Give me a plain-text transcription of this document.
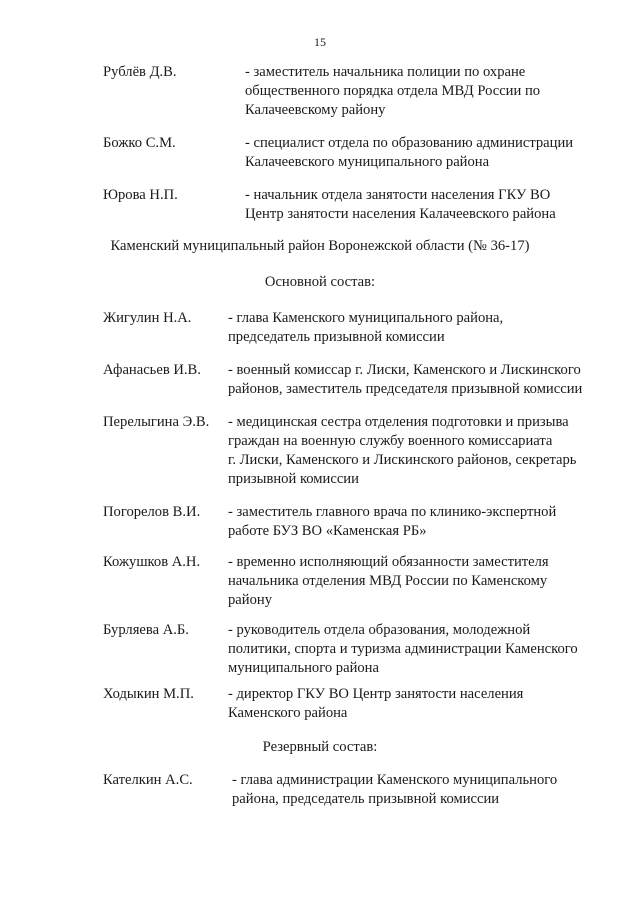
15
Рублёв Д.В.	- заместитель начальника полиции по охране
общественного порядка отдела МВД России по
Калачеевскому району
Божко С.М.	- специалист отдела по образованию администрации
Калачеевского муниципального района
Юрова Н.П.	- начальник отдела занятости населения ГКУ ВО
Центр занятости населения Калачеевского района
Каменский муниципальный район Воронежской области (№ 36-17)
Основной состав:
Жигулин Н.А.	- глава Каменского муниципального района,
председатель призывной комиссии
Афанасьев И.В. - военный комиссар г. Лиски, Каменского и Лискинского
районов, заместитель председателя призывной комиссии
Перелыгина Э.В. - медицинская сестра отделения подготовки и призыва
граждан на военную службу военного комиссариата
г. Лиски, Каменского и Лискинского районов, секретарь
призывной комиссии
Погорелов В.И. - заместитель главного врача по клинико-экспертной
работе БУЗ ВО «Каменская РБ»
Кожушков А.Н. - временно исполняющий обязанности заместителя
начальника отделения МВД России по Каменскому
району
Бурляева А.Б.	- руководитель отдела образования, молодежной
политики, спорта и туризма администрации Каменского
муниципального района
Ходыкин М.П. - директор ГКУ ВО Центр занятости населения
Каменского района
Резервный состав:
Кателкин А.С.	- глава администрации Каменского муниципального
района, председатель призывной комиссии
